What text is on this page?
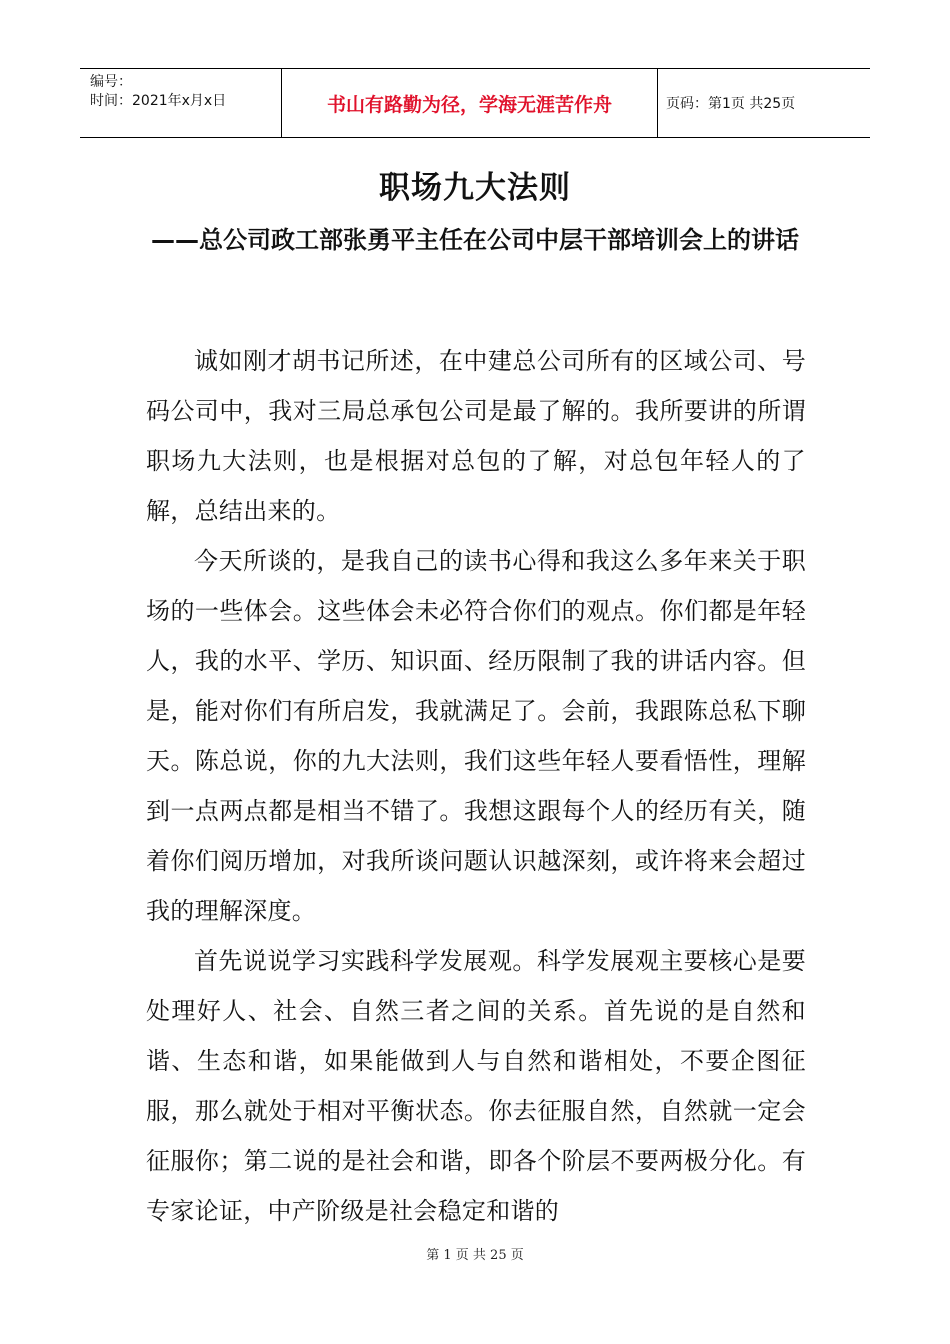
编号：
时间：2021年x月x日	书山有路勤为径，学海无涯苦作舟	页码：第1页 共25页
职场九大法则
——总公司政工部张勇平主任在公司中层干部培训会上的讲话

诚如刚才胡书记所述，在中建总公司所有的区域公司、号码公司中，我对三局总承包公司是最了解的。我所要讲的所谓职场九大法则，也是根据对总包的了解，对总包年轻人的了解，总结出来的。

今天所谈的，是我自己的读书心得和我这么多年来关于职场的一些体会。这些体会未必符合你们的观点。你们都是年轻人，我的水平、学历、知识面、经历限制了我的讲话内容。但是，能对你们有所启发，我就满足了。会前，我跟陈总私下聊天。陈总说，你的九大法则，我们这些年轻人要看悟性，理解到一点两点都是相当不错了。我想这跟每个人的经历有关，随着你们阅历增加，对我所谈问题认识越深刻，或许将来会超过我的理解深度。

首先说说学习实践科学发展观。科学发展观主要核心是要处理好人、社会、自然三者之间的关系。首先说的是自然和谐、生态和谐，如果能做到人与自然和谐相处，不要企图征服，那么就处于相对平衡状态。你去征服自然，自然就一定会征服你；第二说的是社会和谐，即各个阶层不要两极分化。有专家论证，中产阶级是社会稳定和谐的

第 1 页 共 25 页
